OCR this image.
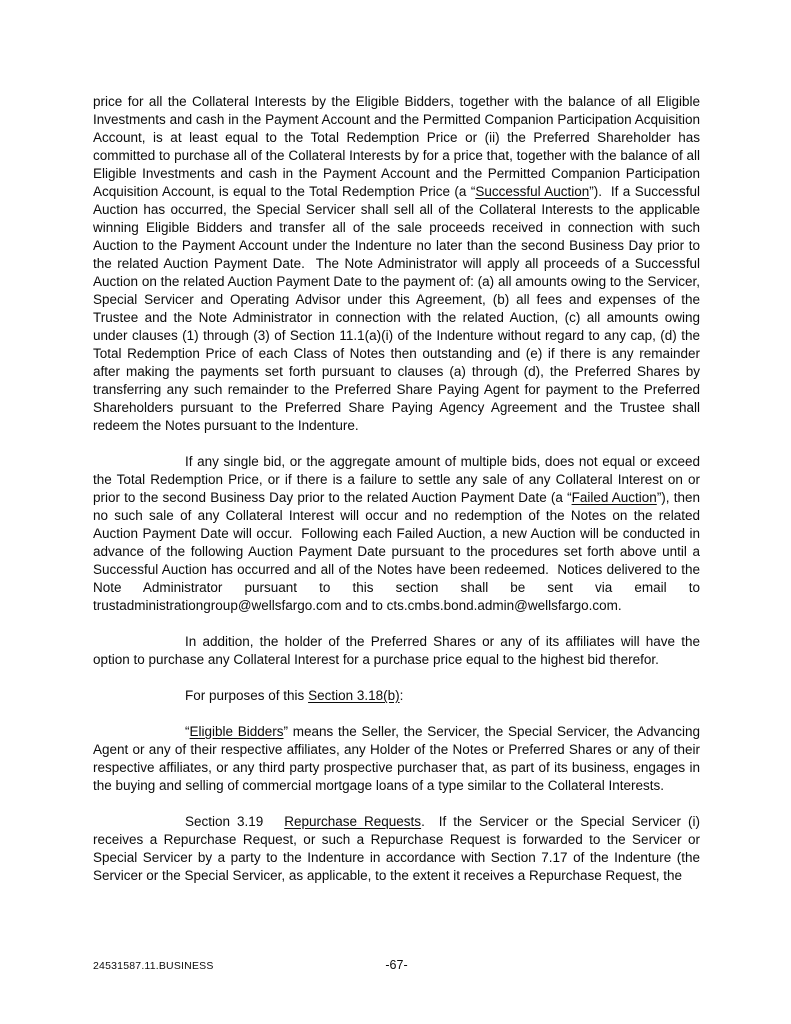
price for all the Collateral Interests by the Eligible Bidders, together with the balance of all Eligible Investments and cash in the Payment Account and the Permitted Companion Participation Acquisition Account, is at least equal to the Total Redemption Price or (ii) the Preferred Shareholder has committed to purchase all of the Collateral Interests by for a price that, together with the balance of all Eligible Investments and cash in the Payment Account and the Permitted Companion Participation Acquisition Account, is equal to the Total Redemption Price (a “Successful Auction”).  If a Successful Auction has occurred, the Special Servicer shall sell all of the Collateral Interests to the applicable winning Eligible Bidders and transfer all of the sale proceeds received in connection with such Auction to the Payment Account under the Indenture no later than the second Business Day prior to the related Auction Payment Date.  The Note Administrator will apply all proceeds of a Successful Auction on the related Auction Payment Date to the payment of: (a) all amounts owing to the Servicer, Special Servicer and Operating Advisor under this Agreement, (b) all fees and expenses of the Trustee and the Note Administrator in connection with the related Auction, (c) all amounts owing under clauses (1) through (3) of Section 11.1(a)(i) of the Indenture without regard to any cap, (d) the Total Redemption Price of each Class of Notes then outstanding and (e) if there is any remainder after making the payments set forth pursuant to clauses (a) through (d), the Preferred Shares by transferring any such remainder to the Preferred Share Paying Agent for payment to the Preferred Shareholders pursuant to the Preferred Share Paying Agency Agreement and the Trustee shall redeem the Notes pursuant to the Indenture.

If any single bid, or the aggregate amount of multiple bids, does not equal or exceed the Total Redemption Price, or if there is a failure to settle any sale of any Collateral Interest on or prior to the second Business Day prior to the related Auction Payment Date (a “Failed Auction”), then no such sale of any Collateral Interest will occur and no redemption of the Notes on the related Auction Payment Date will occur.  Following each Failed Auction, a new Auction will be conducted in advance of the following Auction Payment Date pursuant to the procedures set forth above until a Successful Auction has occurred and all of the Notes have been redeemed.  Notices delivered to the Note Administrator pursuant to this section shall be sent via email to trustadministrationgroup@wellsfargo.com and to cts.cmbs.bond.admin@wellsfargo.com.

In addition, the holder of the Preferred Shares or any of its affiliates will have the option to purchase any Collateral Interest for a purchase price equal to the highest bid therefor.

For purposes of this Section 3.18(b):

“Eligible Bidders” means the Seller, the Servicer, the Special Servicer, the Advancing Agent or any of their respective affiliates, any Holder of the Notes or Preferred Shares or any of their respective affiliates, or any third party prospective purchaser that, as part of its business, engages in the buying and selling of commercial mortgage loans of a type similar to the Collateral Interests.

Section 3.19   Repurchase Requests.  If the Servicer or the Special Servicer (i) receives a Repurchase Request, or such a Repurchase Request is forwarded to the Servicer or Special Servicer by a party to the Indenture in accordance with Section 7.17 of the Indenture (the Servicer or the Special Servicer, as applicable, to the extent it receives a Repurchase Request, the

24531587.11.BUSINESS	-67-
